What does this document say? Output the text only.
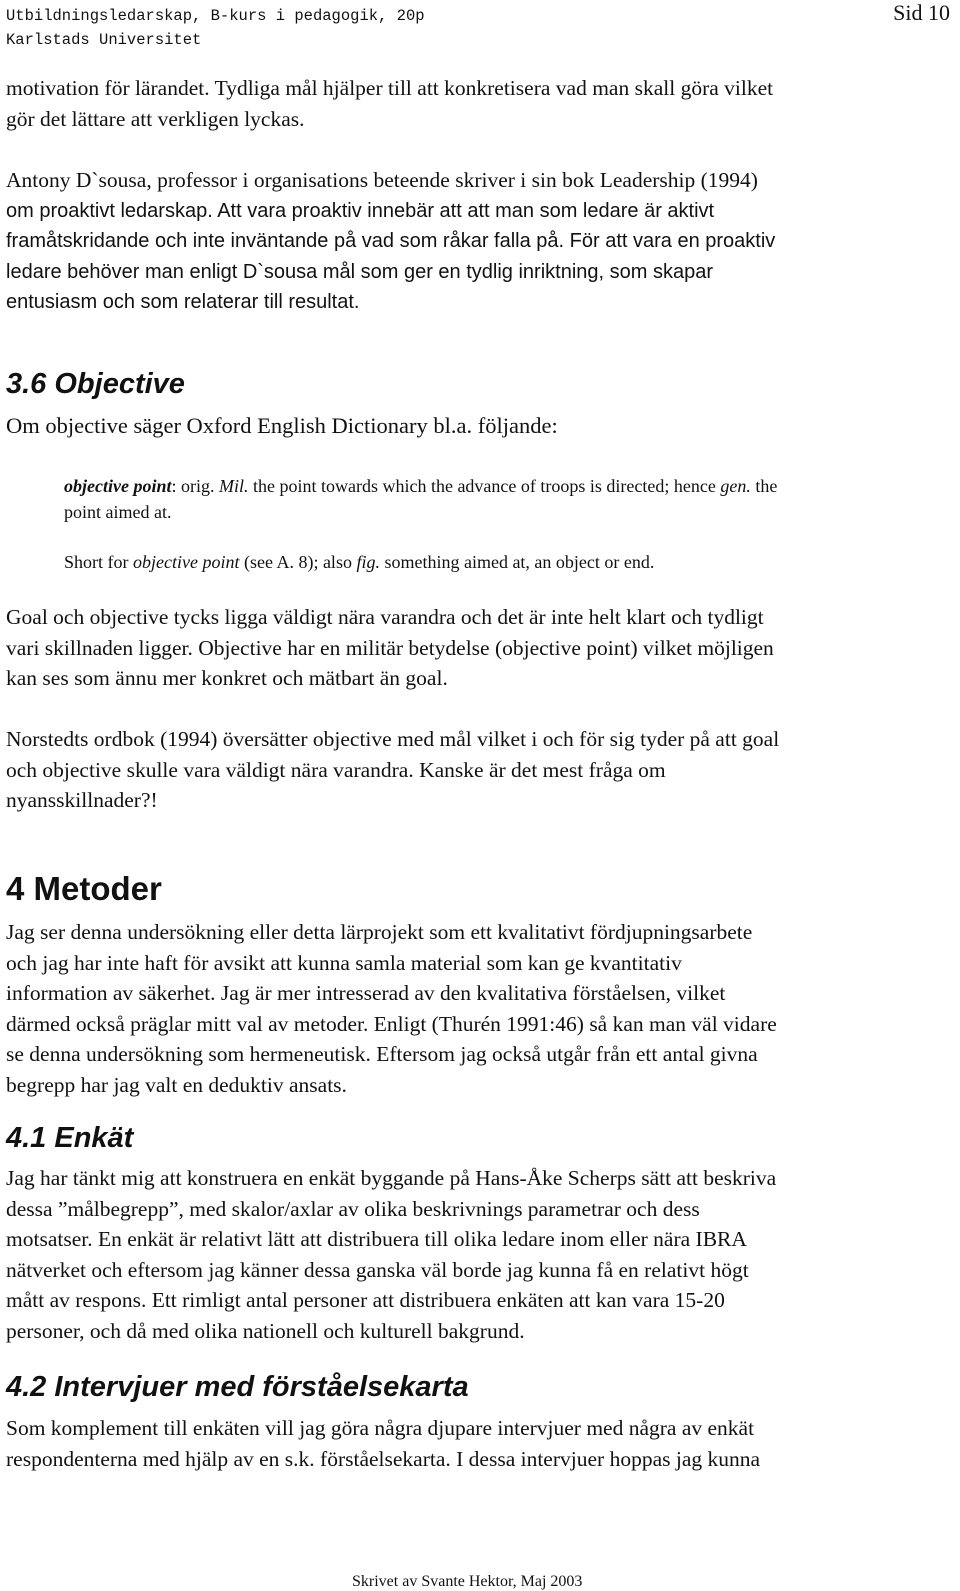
Utbildningsledarskap, B-kurs i pedagogik, 20p
Karlstads Universitet
Sid 10
motivation för lärandet. Tydliga mål hjälper till att konkretisera vad man skall göra vilket
gör det lättare att verkligen lyckas.
Antony D`sousa, professor i organisations beteende skriver i sin bok Leadership (1994)
om proaktivt ledarskap. Att vara proaktiv innebär att att man som ledare är aktivt
framåtskridande och inte inväntande på vad som råkar falla på. För att vara en proaktiv
ledare behöver man enligt D`sousa mål som ger en tydlig inriktning, som skapar
entusiasm och som relaterar till resultat.
3.6 Objective
Om objective säger Oxford English Dictionary bl.a. följande:
objective point: orig. Mil. the point towards which the advance of troops is directed; hence gen. the
point aimed at.
Short for objective point (see A. 8); also fig. something aimed at, an object or end.
Goal och objective tycks ligga väldigt nära varandra och det är inte helt klart och tydligt
vari skillnaden ligger. Objective har en militär betydelse (objective point) vilket möjligen
kan ses som ännu mer konkret och mätbart än goal.
Norstedts ordbok (1994) översätter objective med mål vilket i och för sig tyder på att goal
och objective skulle vara väldigt nära varandra. Kanske är det mest fråga om
nyansskillnader?!
4 Metoder
Jag ser denna undersökning eller detta lärprojekt som ett kvalitativt fördjupningsarbete
och jag har inte haft för avsikt att kunna samla material som kan ge kvantitativ
information av säkerhet. Jag är mer intresserad av den kvalitativa förståelsen, vilket
därmed också präglar mitt val av metoder. Enligt (Thurén 1991:46) så kan man väl vidare
se denna undersökning som hermeneutisk. Eftersom jag också utgår från ett antal givna
begrepp har jag valt en deduktiv ansats.
4.1 Enkät
Jag har tänkt mig att konstruera en enkät byggande på Hans-Åke Scherps sätt att beskriva
dessa ”målbegrepp”, med skalor/axlar av olika beskrivnings parametrar och dess
motsatser. En enkät är relativt lätt att distribuera till olika ledare inom eller nära IBRA
nätverket och eftersom jag känner dessa ganska väl borde jag kunna få en relativt högt
mått av respons. Ett rimligt antal personer att distribuera enkäten att kan vara 15-20
personer, och då med olika nationell och kulturell bakgrund.
4.2 Intervjuer med förståelsekarta
Som komplement till enkäten vill jag göra några djupare intervjuer med några av enkät
respondenterna med hjälp av en s.k. förståelsekarta. I dessa intervjuer hoppas jag kunna
Skrivet av Svante Hektor, Maj 2003
